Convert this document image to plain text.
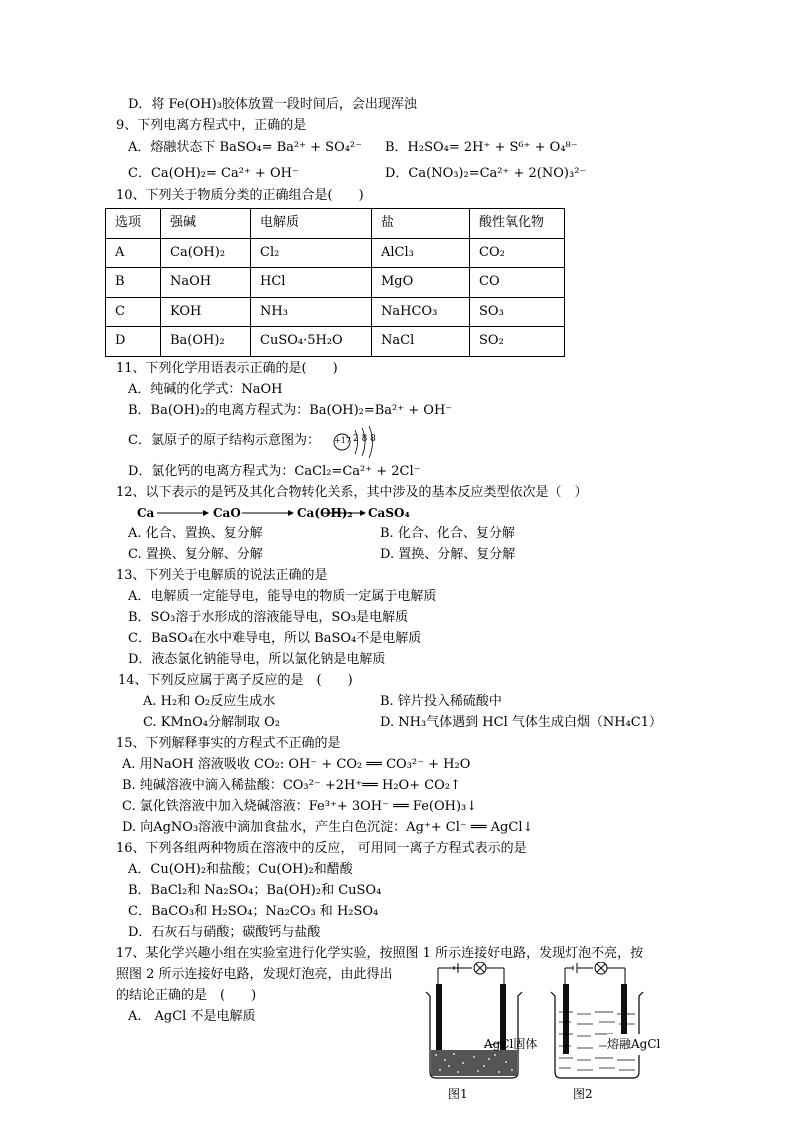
D．将 Fe(OH)₃胶体放置一段时间后，会出现浑浊
9、下列电离方程式中，正确的是
A．熔融状态下 BaSO₄= Ba²⁺ + SO₄²⁻ B．H₂SO₄= 2H⁺ + S⁶⁺ + O₄⁸⁻
C．Ca(OH)₂= Ca²⁺ + OH⁻	D．Ca(NO₃)₂=Ca²⁺ + 2(NO)₃²⁻
10、下列关于物质分类的正确组合是(　　)
选项	强碱	电解质	盐	酸性氧化物
A	Ca(OH)₂	Cl₂	AlCl₃	CO₂
B	NaOH	HCl	MgO	CO
C	KOH	NH₃	NaHCO₃	SO₃
D	Ba(OH)₂	CuSO₄·5H₂O	NaCl	SO₂
11、下列化学用语表示正确的是(　　)
A．纯碱的化学式：NaOH
B．Ba(OH)₂的电离方程式为：Ba(OH)₂=Ba²⁺ + OH⁻
C．氯原子的原子结构示意图为： +17 2 8 8
D．氯化钙的电离方程式为：CaCl₂=Ca²⁺ + 2Cl⁻
12、以下表示的是钙及其化合物转化关系，其中涉及的基本反应类型依次是（　）
Ca	CaO	Ca(OH)₂ CaSO₄
A. 化合、置换、复分解	B. 化合、化合、复分解
C. 置换、复分解、分解	D. 置换、分解、复分解
13、下列关于电解质的说法正确的是
A．电解质一定能导电，能导电的物质一定属于电解质
B．SO₃溶于水形成的溶液能导电，SO₃是电解质
C．BaSO₄在水中难导电，所以 BaSO₄不是电解质
D．液态氯化钠能导电，所以氯化钠是电解质
14、下列反应属于离子反应的是　(　　)
A. H₂和 O₂反应生成水	B. 锌片投入稀硫酸中
C. KMnO₄分解制取 O₂	D. NH₃气体遇到 HCl 气体生成白烟（NH₄C1）
15、下列解释事实的方程式不正确的是
A. 用NaOH 溶液吸收 CO₂: OH⁻ + CO₂ ══ CO₃²⁻ + H₂O
B. 纯碱溶液中滴入稀盐酸：CO₃²⁻ +2H⁺══ H₂O+ CO₂↑
C. 氯化铁溶液中加入烧碱溶液：Fe³⁺+ 3OH⁻ ══ Fe(OH)₃↓
D. 向AgNO₃溶液中滴加食盐水，产生白色沉淀：Ag⁺+ Cl⁻ ══ AgCl↓
16、下列各组两种物质在溶液中的反应， 可用同一离子方程式表示的是
A．Cu(OH)₂和盐酸；Cu(OH)₂和醋酸
B．BaCl₂和 Na₂SO₄；Ba(OH)₂和 CuSO₄
C．BaCO₃和 H₂SO₄；Na₂CO₃ 和 H₂SO₄
D．石灰石与硝酸；碳酸钙与盐酸
17、某化学兴趣小组在实验室进行化学实验，按照图 1 所示连接好电路，发现灯泡不亮，按
照图 2 所示连接好电路，发现灯泡亮，由此得出
的结论正确的是　(　　)
A.　AgCl 不是电解质
AgCl固体
图1
熔融AgCl
图2
